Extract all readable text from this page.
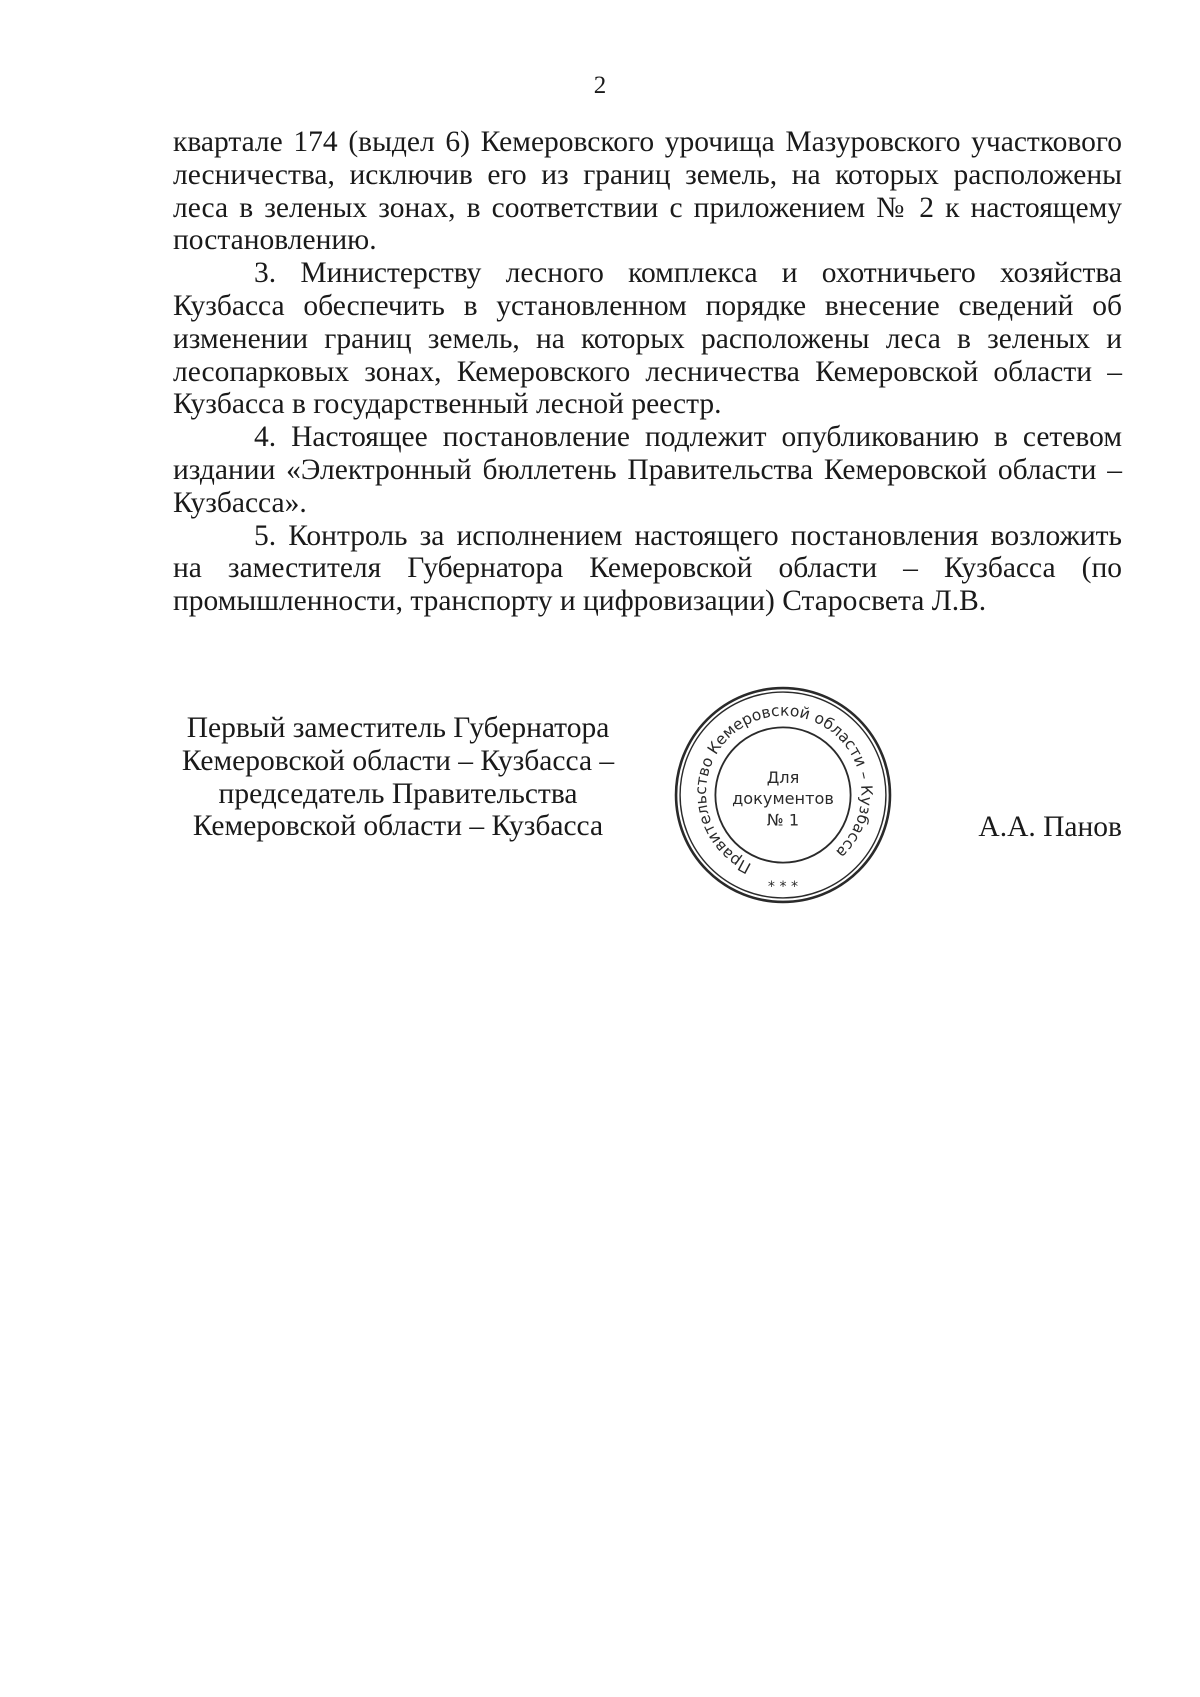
2

квартале 174 (выдел 6) Кемеровского урочища Мазуровского участкового лесничества, исключив его из границ земель, на которых расположены леса в зеленых зонах, в соответствии с приложением № 2 к настоящему постановлению.

3. Министерству лесного комплекса и охотничьего хозяйства Кузбасса обеспечить в установленном порядке внесение сведений об изменении границ земель, на которых расположены леса в зеленых и лесопарковых зонах, Кемеровского лесничества Кемеровской области – Кузбасса в государственный лесной реестр.

4. Настоящее постановление подлежит опубликованию в сетевом издании «Электронный бюллетень Правительства Кемеровской области – Кузбасса».

5. Контроль за исполнением настоящего постановления возложить на заместителя Губернатора Кемеровской области – Кузбасса (по промышленности, транспорту и цифровизации) Старосвета Л.В.

Первый заместитель Губернатора
Кемеровской области – Кузбасса –
председатель Правительства
Кемеровской области – Кузбасса
Правительство Кемеровской области – Кузбасса
Для
документов
№ 1
* * *
А.А. Панов
